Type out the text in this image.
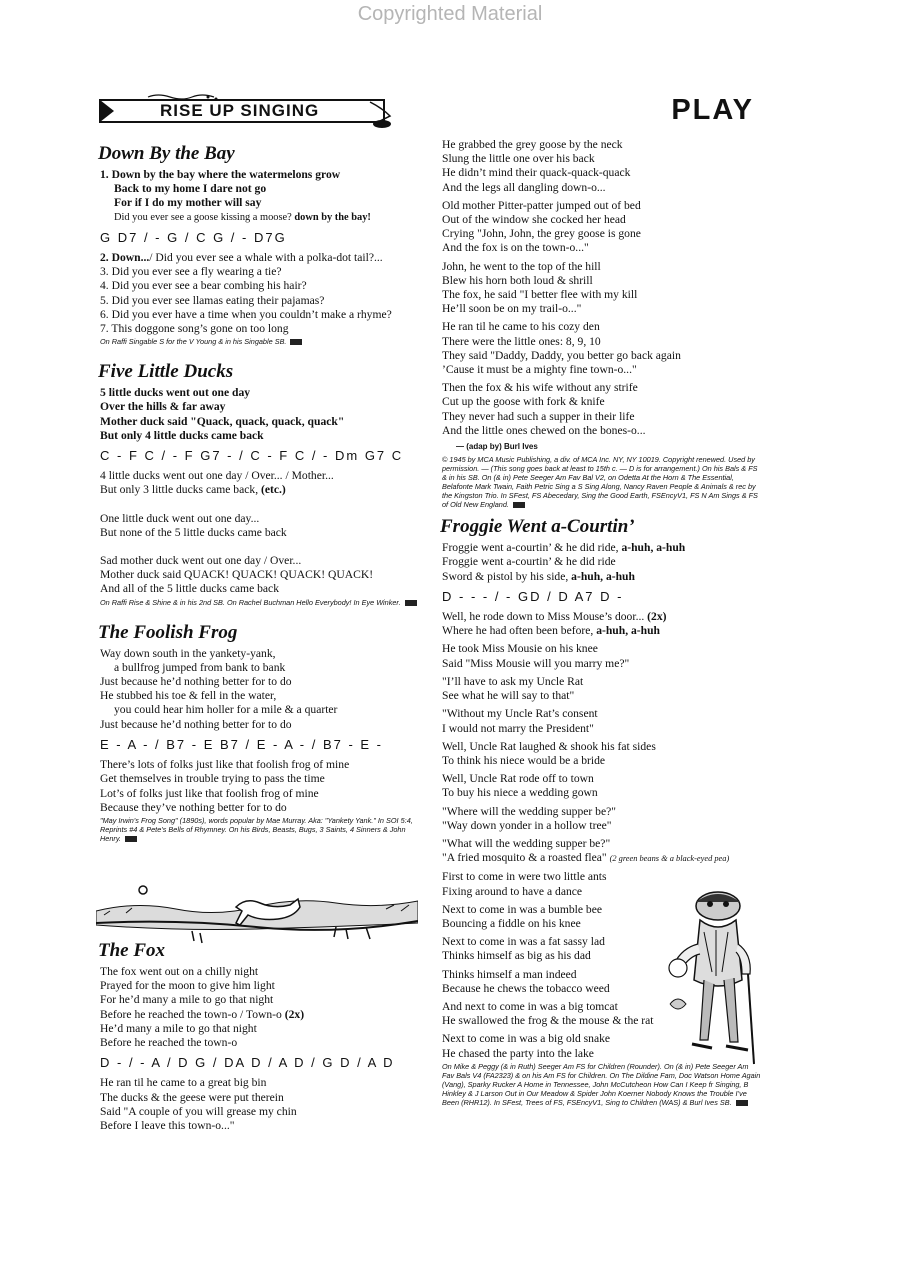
Copyrighted Material
RISE UP SINGING	PLAY
Down By the Bay
1. Down by the bay where the watermelons grow
Back to my home I dare not go
For if I do my mother will say
Did you ever see a goose kissing a moose? down by the bay!
G D7 / - G / C G / - D7G
2. Down.../ Did you ever see a whale with a polka-dot tail?...
3. Did you ever see a fly wearing a tie?
4. Did you ever see a bear combing his hair?
5. Did you ever see llamas eating their pajamas?
6. Did you ever have a time when you couldn’t make a rhyme?
7. This doggone song’s gone on too long
On Raffi Singable S for the V Young & in his Singable SB.
Five Little Ducks
5 little ducks went out one day
Over the hills & far away
Mother duck said "Quack, quack, quack, quack"
But only 4 little ducks came back
C - F C / - F G7 - / C - F C / - Dm G7 C
4 little ducks went out one day / Over... / Mother...
But only 3 little ducks came back, (etc.)
One little duck went out one day...
But none of the 5 little ducks came back
Sad mother duck went out one day / Over...
Mother duck said QUACK! QUACK! QUACK! QUACK!
And all of the 5 little ducks came back
On Raffi Rise & Shine & in his 2nd SB. On Rachel Buchman Hello Everybody! In Eye Winker.
The Foolish Frog
Way down south in the yankety-yank,
a bullfrog jumped from bank to bank
Just because he’d nothing better for to do
He stubbed his toe & fell in the water,
you could hear him holler for a mile & a quarter
Just because he’d nothing better for to do
E - A - / B7 - E B7 / E - A - / B7 - E -
There’s lots of folks just like that foolish frog of mine
Get themselves in trouble trying to pass the time
Lot’s of folks just like that foolish frog of mine
Because they’ve nothing better for to do
"May Irwin’s Frog Song" (1890s), words popular by Mae Murray. Aka: "Yankety Yank." In SOI 5:4, Reprints #4 & Pete’s Bells of Rhymney. On his Birds, Beasts, Bugs, 3 Saints, 4 Sinners & John Henry.
The Fox
The fox went out on a chilly night
Prayed for the moon to give him light
For he’d many a mile to go that night
Before he reached the town-o / Town-o (2x)
He’d many a mile to go that night
Before he reached the town-o
D - / - A / D G / DA D / A D / G D / A D
He ran til he came to a great big bin
The ducks & the geese were put therein
Said "A couple of you will grease my chin
Before I leave this town-o..."
He grabbed the grey goose by the neck
Slung the little one over his back
He didn’t mind their quack-quack-quack
And the legs all dangling down-o...
Old mother Pitter-patter jumped out of bed
Out of the window she cocked her head
Crying "John, John, the grey goose is gone
And the fox is on the town-o..."
John, he went to the top of the hill
Blew his horn both loud & shrill
The fox, he said "I better flee with my kill
He’ll soon be on my trail-o..."
He ran til he came to his cozy den
There were the little ones: 8, 9, 10
They said "Daddy, Daddy, you better go back again
’Cause it must be a mighty fine town-o..."
Then the fox & his wife without any strife
Cut up the goose with fork & knife
They never had such a supper in their life
And the little ones chewed on the bones-o...
— (adap by) Burl Ives
© 1945 by MCA Music Publishing, a div. of MCA Inc. NY, NY 10019. Copyright renewed. Used by permission. — (This song goes back at least to 15th c. — D is for arrangement.) On his Bals & FS & in his SB. On (& in) Pete Seeger Am Fav Bal V2, on Odetta At the Horn & The Essential, Belafonte Mark Twain, Faith Petric Sing a S Sing Along, Nancy Raven People & Animals & rec by the Kingston Trio. In SFest, FS Abecedary, Sing the Good Earth, FSEncyV1, FS N Am Sings & FS of Old New England.
Froggie Went a-Courtin’
Froggie went a-courtin’ & he did ride, a-huh, a-huh
Froggie went a-courtin’ & he did ride
Sword & pistol by his side, a-huh, a-huh
D - - - / - GD / D A7 D -
Well, he rode down to Miss Mouse’s door... (2x)
Where he had often been before, a-huh, a-huh
He took Miss Mousie on his knee
Said "Miss Mousie will you marry me?"
"I’ll have to ask my Uncle Rat
See what he will say to that"
"Without my Uncle Rat’s consent
I would not marry the President"
Well, Uncle Rat laughed & shook his fat sides
To think his niece would be a bride
Well, Uncle Rat rode off to town
To buy his niece a wedding gown
"Where will the wedding supper be?"
"Way down yonder in a hollow tree"
"What will the wedding supper be?"
"A fried mosquito & a roasted flea" (2 green beans & a black-eyed pea)
First to come in were two little ants
Fixing around to have a dance
Next to come in was a bumble bee
Bouncing a fiddle on his knee
Next to come in was a fat sassy lad
Thinks himself as big as his dad
Thinks himself a man indeed
Because he chews the tobacco weed
And next to come in was a big tomcat
He swallowed the frog & the mouse & the rat
Next to come in was a big old snake
He chased the party into the lake
On Mike & Peggy (& in Ruth) Seeger Am FS for Children (Rounder). On (& in) Pete Seeger Am Fav Bals V4 (FA2323) & on his Am FS for Children. On The Dildine Fam, Doc Watson Home Again (Vang), Sparky Rucker A Home in Tennessee, John McCutcheon How Can I Keep fr Singing, B Hinkley & J Larson Out in Our Meadow & Spider John Koerner Nobody Knows the Trouble I’ve Been (RHR12). In SFest, Trees of FS, FSEncyV1, Sing to Children (WAS) & Burl Ives SB.
